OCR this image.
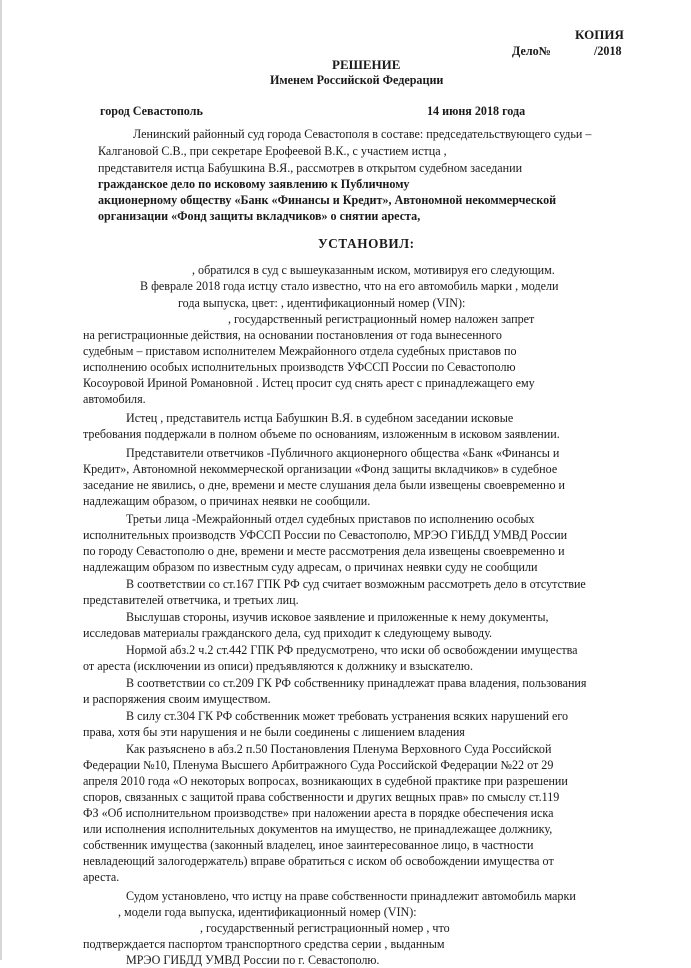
КОПИЯ
Дело№	/2018
РЕШЕНИЕ
Именем Российской Федерации
город Севастополь	14 июня 2018 года
Ленинский районный суд города Севастополя в составе: председательствующего судьи –
Калгановой С.В., при секретаре Ерофеевой В.К., с участием истца ,
представителя истца Бабушкина В.Я., рассмотрев в открытом судебном заседании
гражданское дело по исковому заявлению к Публичному
акционерному обществу «Банк «Финансы и Кредит», Автономной некоммерческой
организации «Фонд защиты вкладчиков» о снятии ареста,
УСТАНОВИЛ:
, обратился в суд с вышеуказанным иском, мотивируя его следующим.
В феврале 2018 года истцу стало известно, что на его автомобиль марки , модели
года выпуска, цвет: , идентификационный номер (VIN):
, государственный регистрационный номер наложен запрет
на регистрационные действия, на основании постановления от года вынесенного
судебным – приставом исполнителем Межрайонного отдела судебных приставов по
исполнению особых исполнительных производств УФССП России по Севастополю
Косоуровой Ириной Романовной . Истец просит суд снять арест с принадлежащего ему
автомобиля.
Истец , представитель истца Бабушкин В.Я. в судебном заседании исковые
требования поддержали в полном объеме по основаниям, изложенным в исковом заявлении.
Представители ответчиков -Публичного акционерного общества «Банк «Финансы и
Кредит», Автономной некоммерческой организации «Фонд защиты вкладчиков» в судебное
заседание не явились, о дне, времени и месте слушания дела были извещены своевременно и
надлежащим образом, о причинах неявки не сообщили.
Третьи лица -Межрайонный отдел судебных приставов по исполнению особых
исполнительных производств УФССП России по Севастополю, МРЭО ГИБДД УМВД России
по городу Севастополю о дне, времени и месте рассмотрения дела извещены своевременно и
надлежащим образом по известным суду адресам, о причинах неявки суду не сообщили
В соответствии со ст.167 ГПК РФ суд считает возможным рассмотреть дело в отсутствие
представителей ответчика, и третьих лиц.
Выслушав стороны, изучив исковое заявление и приложенные к нему документы,
исследовав материалы гражданского дела, суд приходит к следующему выводу.
Нормой абз.2 ч.2 ст.442 ГПК РФ предусмотрено, что иски об освобождении имущества
от ареста (исключении из описи) предъявляются к должнику и взыскателю.
В соответствии со ст.209 ГК РФ собственнику принадлежат права владения, пользования
и распоряжения своим имуществом.
В силу ст.304 ГК РФ собственник может требовать устранения всяких нарушений его
права, хотя бы эти нарушения и не были соединены с лишением владения
Как разъяснено в абз.2 п.50 Постановления Пленума Верховного Суда Российской
Федерации №10, Пленума Высшего Арбитражного Суда Российской Федерации №22 от 29
апреля 2010 года «О некоторых вопросах, возникающих в судебной практике при разрешении
споров, связанных с защитой права собственности и других вещных прав» по смыслу ст.119
ФЗ «Об исполнительном производстве» при наложении ареста в порядке обеспечения иска
или исполнения исполнительных документов на имущество, не принадлежащее должнику,
собственник имущества (законный владелец, иное заинтересованное лицо, в частности
невладеющий залогодержатель) вправе обратиться с иском об освобождении имущества от
ареста.
Судом установлено, что истцу на праве собственности принадлежит автомобиль марки
, модели года выпуска, идентификационный номер (VIN):
, государственный регистрационный номер , что
подтверждается паспортом транспортного средства серии , выданным
МРЭО ГИБДД УМВД России по г. Севастополю.
